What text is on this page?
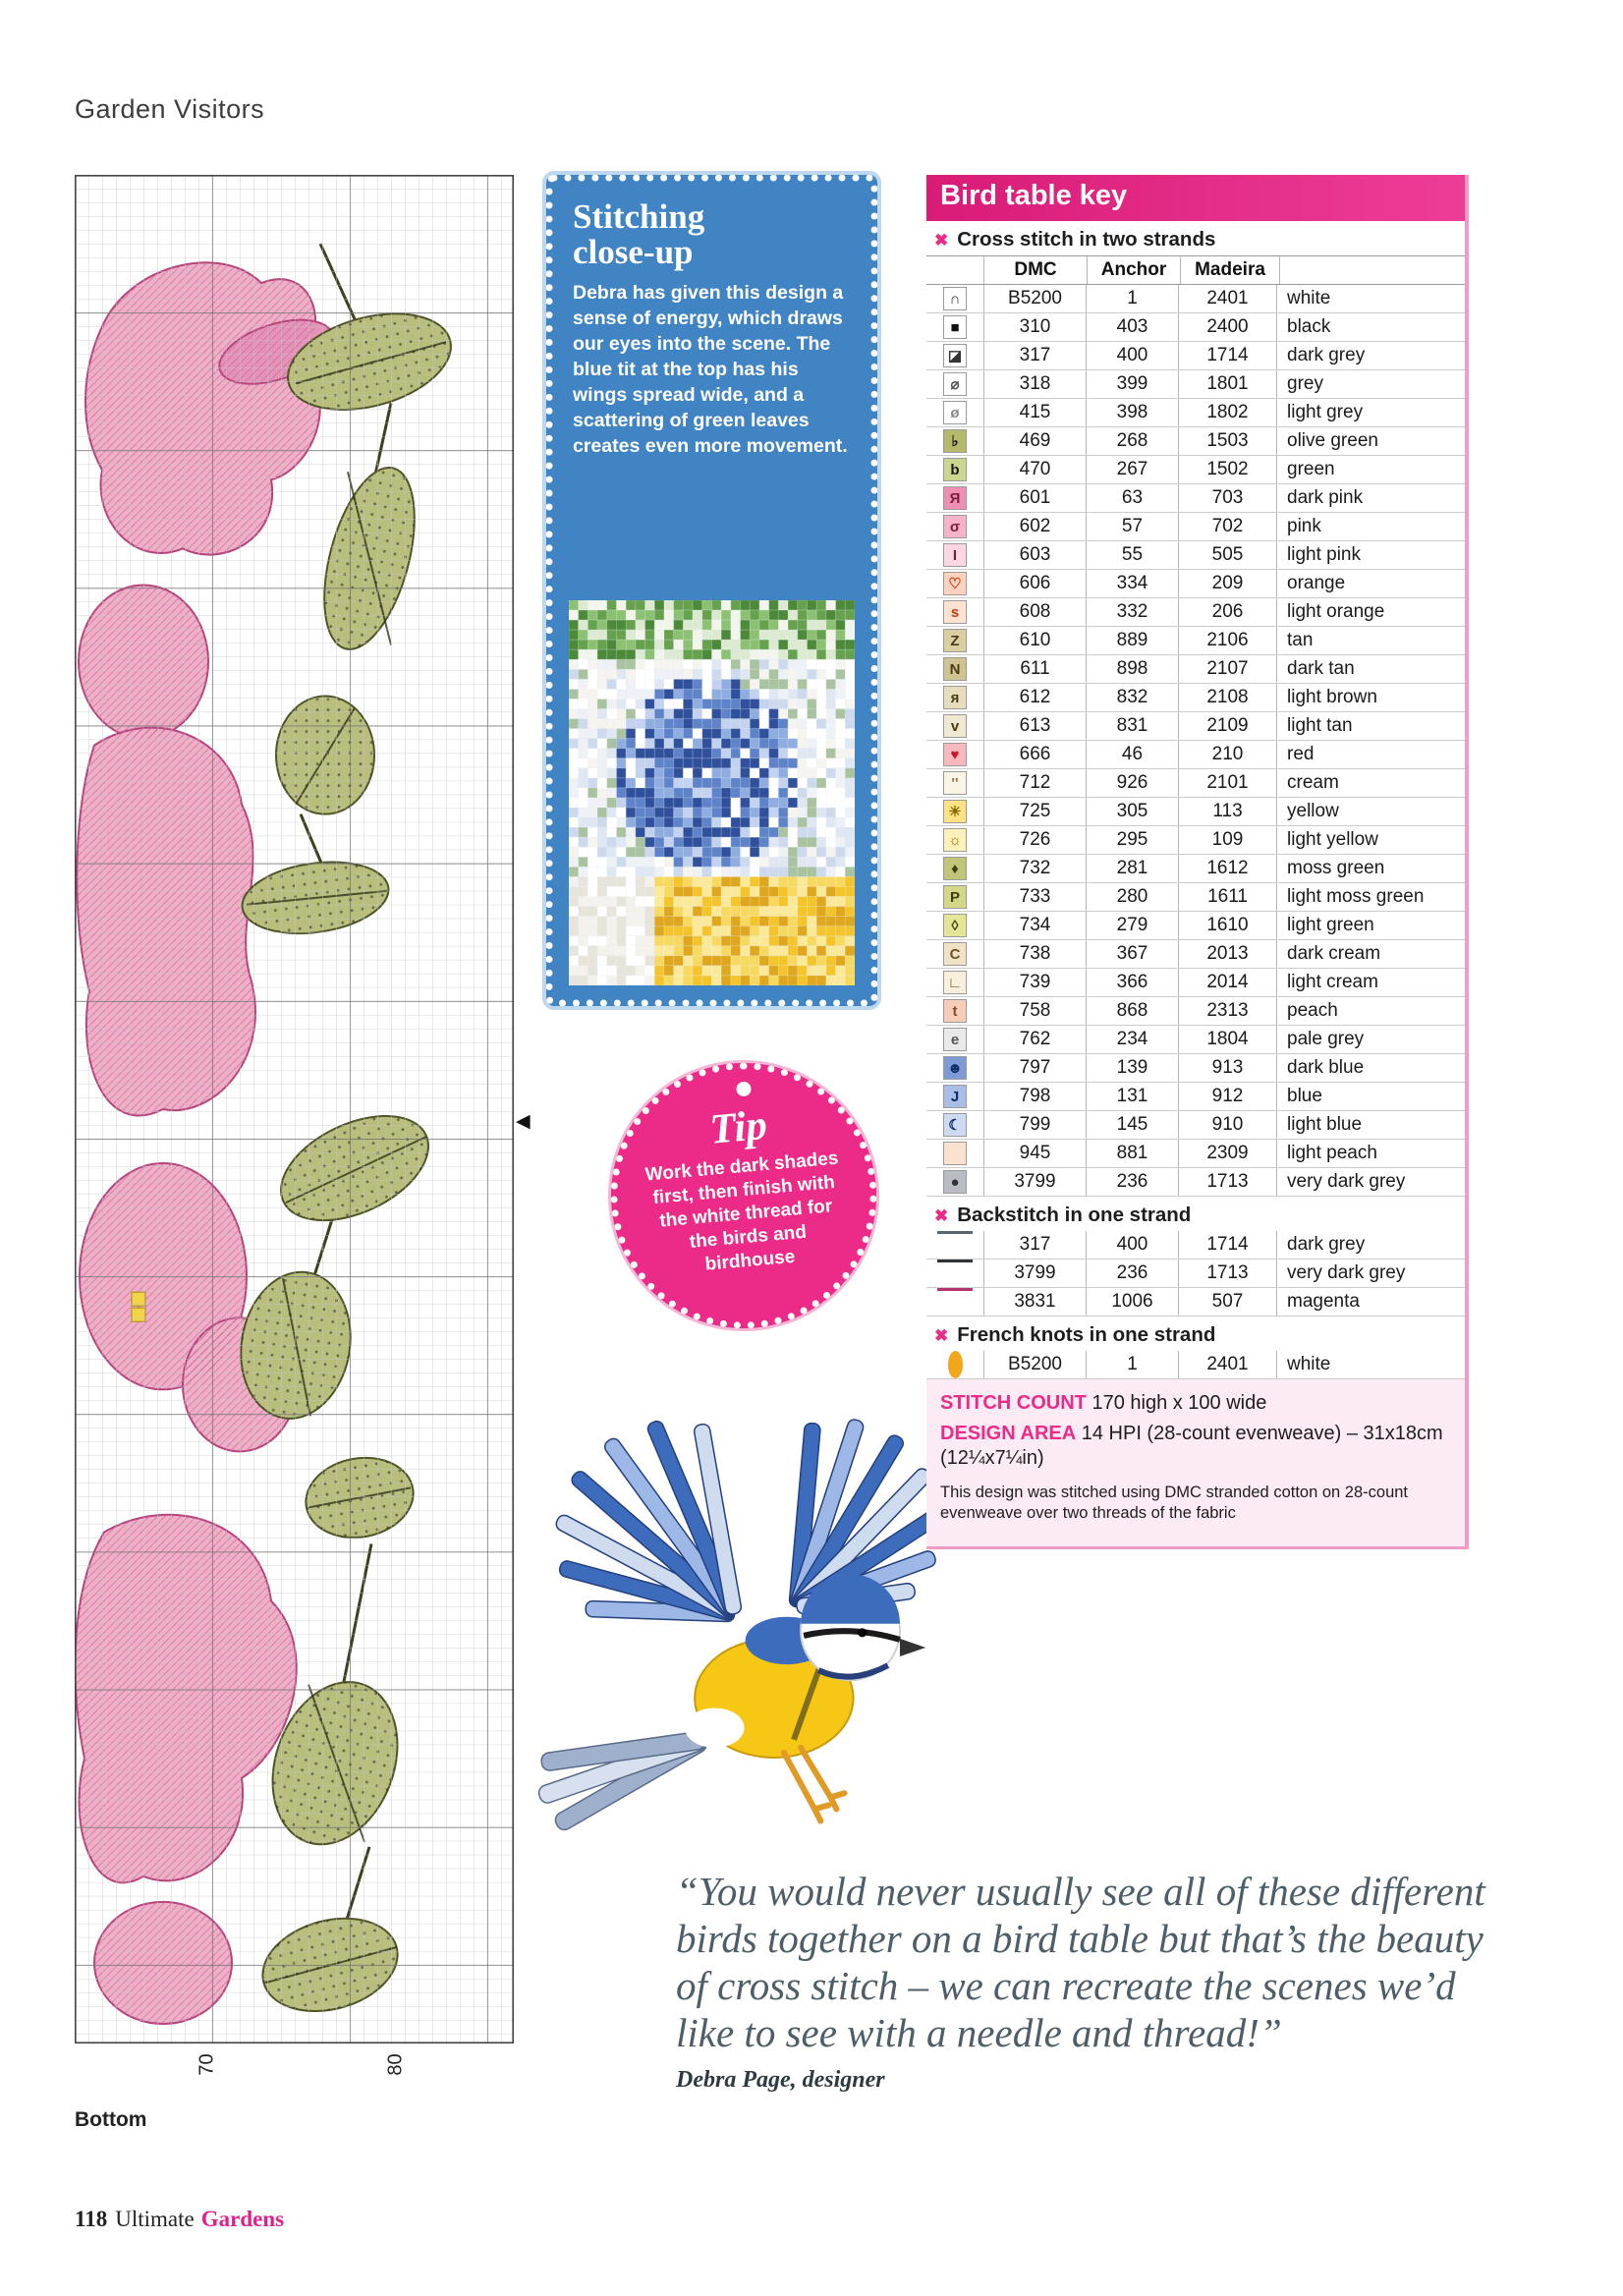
Garden Visitors
◀
70	80
Bottom
Stitching close-up

Debra has given this design a sense of energy, which draws our eyes into the scene. The blue tit at the top has his wings spread wide, and a scattering of green leaves creates even more movement.

Tip
Work the dark shades first, then finish with the white thread for the birds and birdhouse
Bird table key
✖ Cross stitch in two strands
DMC	Anchor	Madeira
∩	B5200	1	2401	white
■	310	403	2400	black
◪	317	400	1714	dark grey
⌀	318	399	1801	grey
ø	415	398	1802	light grey
♭	469	268	1503	olive green
b	470	267	1502	green
Я	601	63	703	dark pink
σ	602	57	702	pink
I	603	55	505	light pink
♡	606	334	209	orange
s	608	332	206	light orange
Z	610	889	2106	tan
N	611	898	2107	dark tan
я	612	832	2108	light brown
v	613	831	2109	light tan
♥	666	46	210	red
''	712	926	2101	cream
☀	725	305	113	yellow
☼	726	295	109	light yellow
♦	732	281	1612	moss green
P	733	280	1611	light moss green
◊	734	279	1610	light green
C	738	367	2013	dark cream
∟	739	366	2014	light cream
t	758	868	2313	peach
e	762	234	1804	pale grey
☻	797	139	913	dark blue
J	798	131	912	blue
☾	799	145	910	light blue
945	881	2309	light peach
●	3799	236	1713	very dark grey
✖ Backstitch in one strand
317	400	1714	dark grey
3799	236	1713	very dark grey
3831	1006	507	magenta
✖ French knots in one strand
B5200	1	2401	white

STITCH COUNT 170 high x 100 wide

DESIGN AREA 14 HPI (28-count evenweave) – 31x18cm (12¼x7¼in)

This design was stitched using DMC stranded cotton on 28-count evenweave over two threads of the fabric

“You would never usually see all of these different birds together on a bird table but that’s the beauty of cross stitch – we can recreate the scenes we’d like to see with a needle and thread!”
Debra Page, designer
118 Ultimate Gardens
